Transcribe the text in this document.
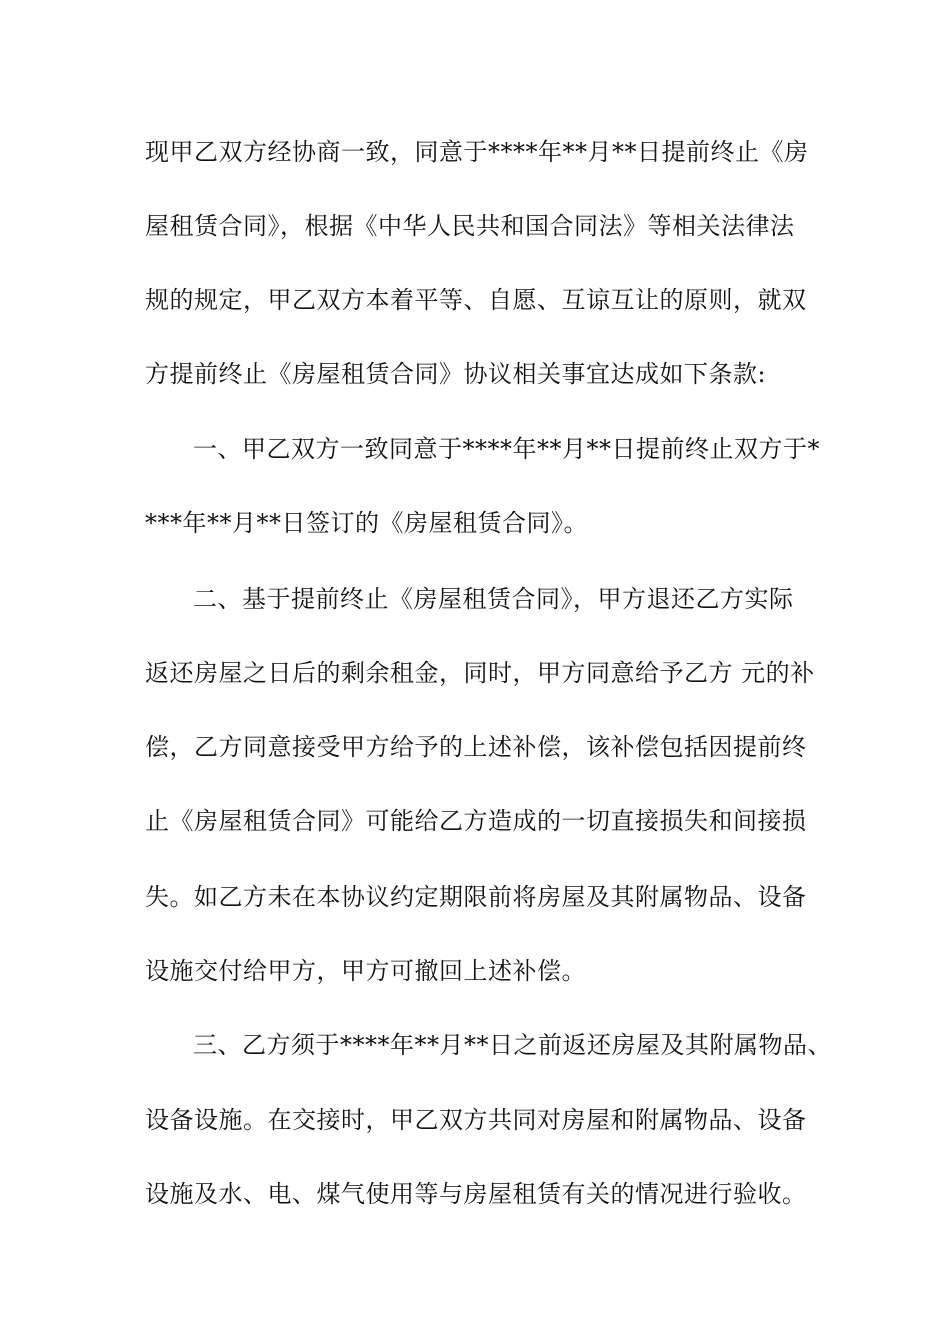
现甲乙双方经协商一致，同意于****年**月**日提前终止《房
屋租赁合同》，根据《中华人民共和国合同法》等相关法律法
规的规定，甲乙双方本着平等、自愿、互谅互让的原则，就双
方提前终止《房屋租赁合同》协议相关事宜达成如下条款:
一、甲乙双方一致同意于****年**月**日提前终止双方于*
***年**月**日签订的《房屋租赁合同》。
二、基于提前终止《房屋租赁合同》，甲方退还乙方实际
返还房屋之日后的剩余租金，同时，甲方同意给予乙方 元的补
偿，乙方同意接受甲方给予的上述补偿，该补偿包括因提前终
止《房屋租赁合同》可能给乙方造成的一切直接损失和间接损
失。如乙方未在本协议约定期限前将房屋及其附属物品、设备
设施交付给甲方，甲方可撤回上述补偿。
三、乙方须于****年**月**日之前返还房屋及其附属物品、
设备设施。在交接时，甲乙双方共同对房屋和附属物品、设备
设施及水、电、煤气使用等与房屋租赁有关的情况进行验收。
